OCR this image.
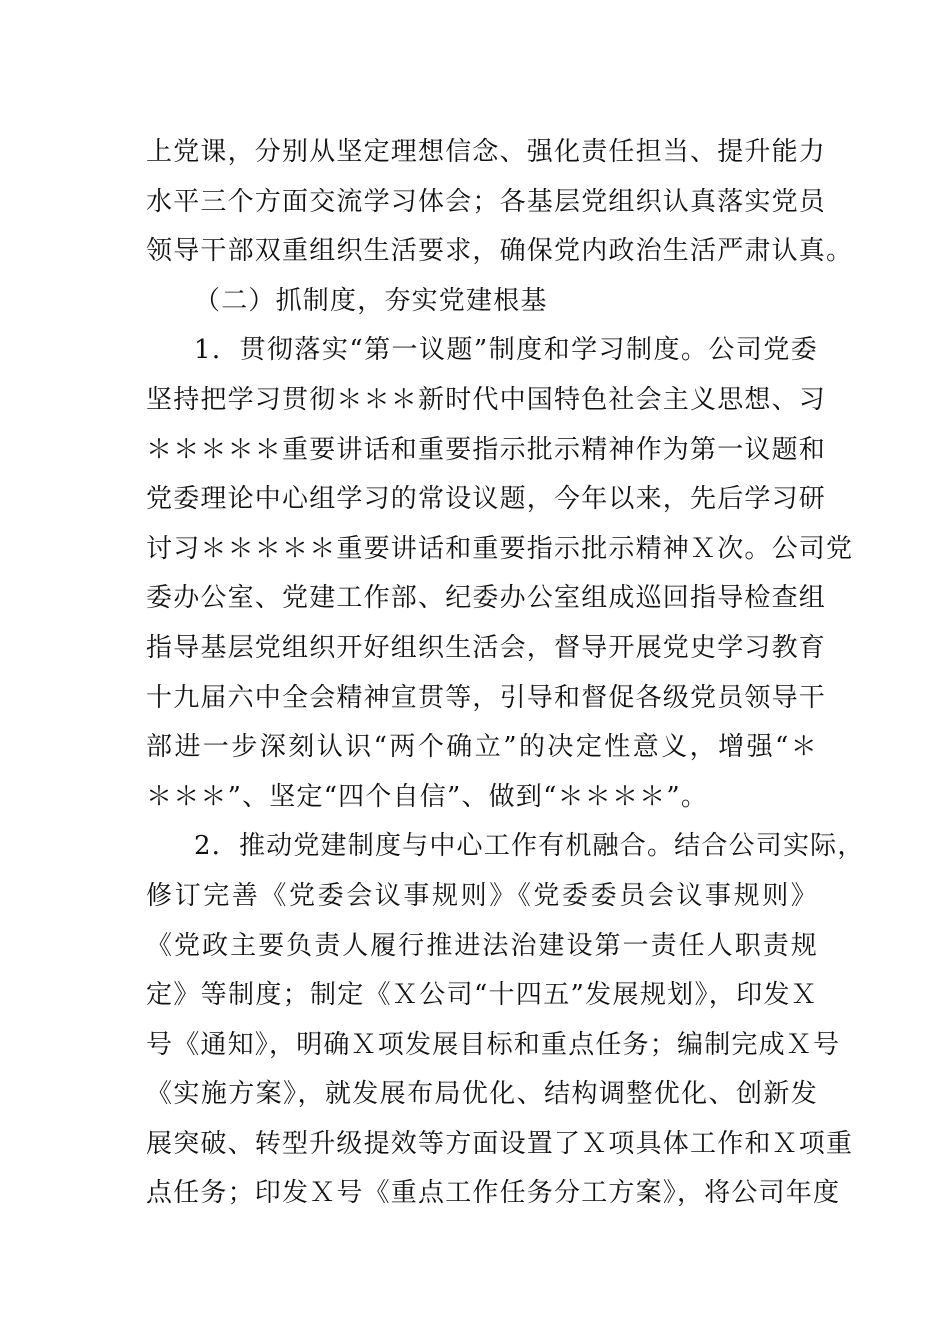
上党课，分别从坚定理想信念、强化责任担当、提升能力
水平三个方面交流学习体会；各基层党组织认真落实党员
领导干部双重组织生活要求，确保党内政治生活严肃认真。
（二）抓制度，夯实党建根基
1．贯彻落实“第一议题”制度和学习制度。公司党委
坚持把学习贯彻＊＊＊新时代中国特色社会主义思想、习
＊＊＊＊＊重要讲话和重要指示批示精神作为第一议题和
党委理论中心组学习的常设议题，今年以来，先后学习研
讨习＊＊＊＊＊重要讲话和重要指示批示精神Ｘ次。公司党
委办公室、党建工作部、纪委办公室组成巡回指导检查组
指导基层党组织开好组织生活会，督导开展党史学习教育
十九届六中全会精神宣贯等，引导和督促各级党员领导干
部进一步深刻认识“两个确立”的决定性意义，增强“＊
＊＊＊”、坚定“四个自信”、做到“＊＊＊＊”。
2．推动党建制度与中心工作有机融合。结合公司实际，
修订完善《党委会议事规则》《党委委员会议事规则》
《党政主要负责人履行推进法治建设第一责任人职责规
定》等制度；制定《Ｘ公司“十四五”发展规划》，印发Ｘ
号《通知》，明确Ｘ项发展目标和重点任务；编制完成Ｘ号
《实施方案》，就发展布局优化、结构调整优化、创新发
展突破、转型升级提效等方面设置了Ｘ项具体工作和Ｘ项重
点任务；印发Ｘ号《重点工作任务分工方案》，将公司年度
